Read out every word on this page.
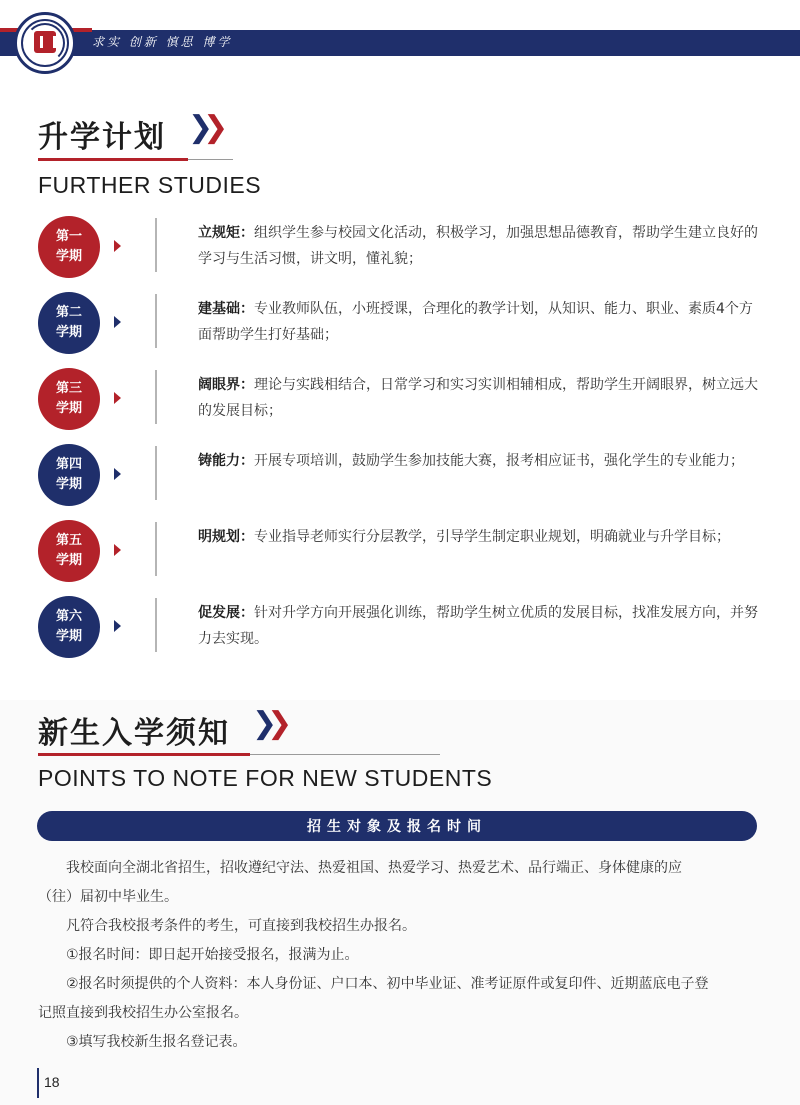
求实 创新 慎思 博学
升学计划 ❯❯
FURTHER STUDIES
第一
学期
立规矩：组织学生参与校园文化活动，积极学习，加强思想品德教育，帮助学生建立良好的学习与生活习惯，讲文明，懂礼貌；
第二
学期
建基础：专业教师队伍，小班授课，合理化的教学计划，从知识、能力、职业、素质4个方面帮助学生打好基础；
第三
学期
阔眼界：理论与实践相结合，日常学习和实习实训相辅相成，帮助学生开阔眼界，树立远大的发展目标；
第四
学期
铸能力：开展专项培训，鼓励学生参加技能大赛，报考相应证书，强化学生的专业能力；
第五
学期
明规划：专业指导老师实行分层教学，引导学生制定职业规划，明确就业与升学目标；
第六
学期
促发展：针对升学方向开展强化训练，帮助学生树立优质的发展目标，找准发展方向，并努力去实现。
新生入学须知 ❯❯
POINTS TO NOTE FOR NEW STUDENTS
招生对象及报名时间

我校面向全湖北省招生，招收遵纪守法、热爱祖国、热爱学习、热爱艺术、品行端正、身体健康的应

（往）届初中毕业生。

凡符合我校报考条件的考生，可直接到我校招生办报名。

①报名时间：即日起开始接受报名，报满为止。

②报名时须提供的个人资料：本人身份证、户口本、初中毕业证、准考证原件或复印件、近期蓝底电子登

记照直接到我校招生办公室报名。

③填写我校新生报名登记表。

18
